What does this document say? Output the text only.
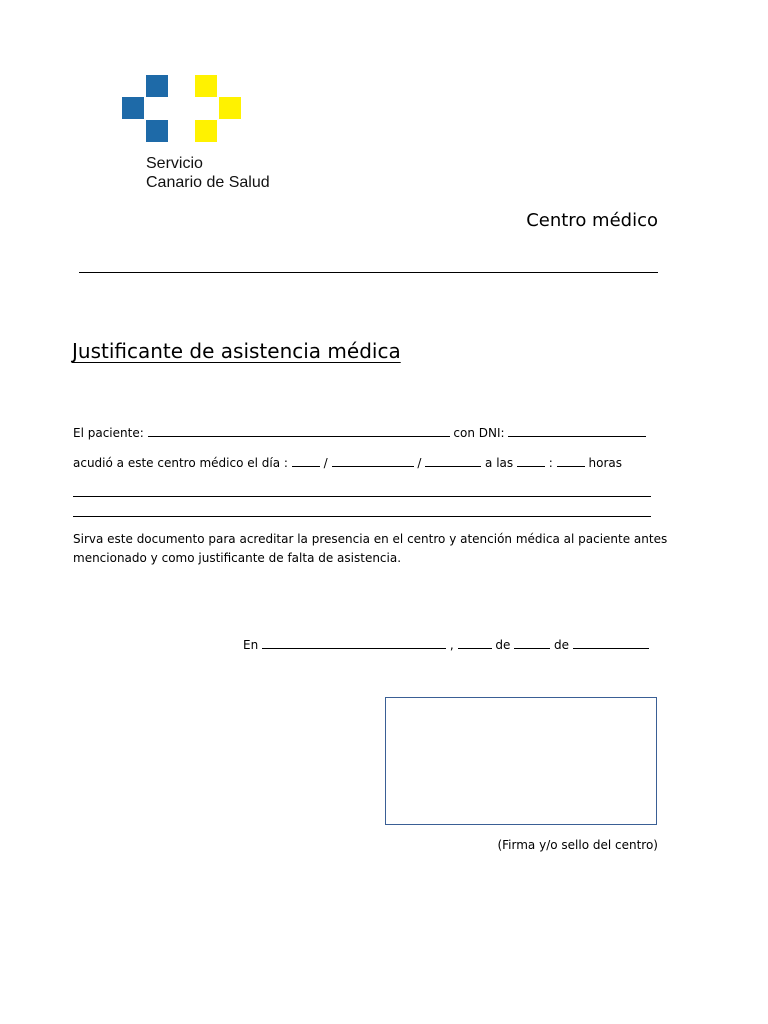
Servicio
Canario de Salud
Centro médico
Justificante de asistencia médica
El paciente:	con DNI:
acudió a este centro médico el día :	/	/	a las	:	horas
Sirva este documento para acreditar la presencia en el centro y atención médica al paciente antes mencionado y como justificante de falta de asistencia.
En	,	de	de
(Firma y/o sello del centro)
